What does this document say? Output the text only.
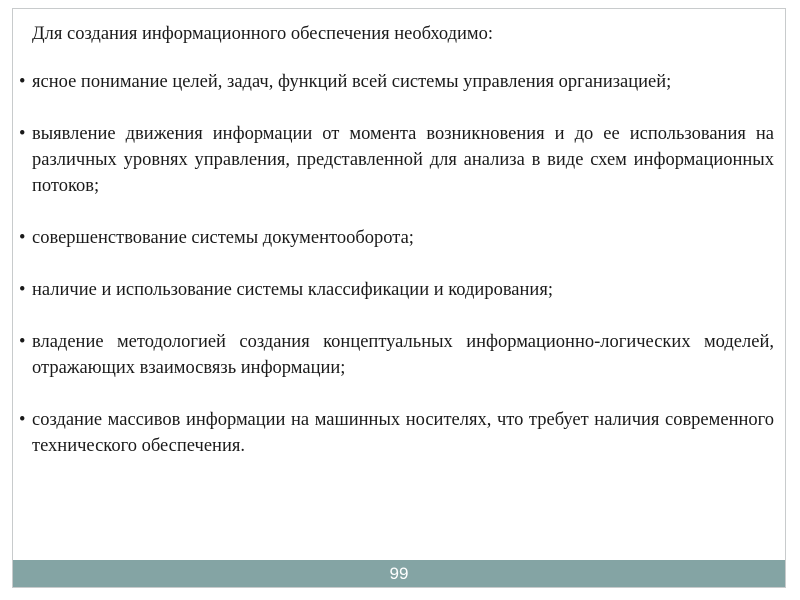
Для создания информационного обеспечения необходимо:

• ясное понимание целей, задач, функций всей системы управления организацией;
• выявление движения информации от момента возникновения и до ее использования на различных уровнях управления, представленной для анализа в виде схем информационных потоков;
• совершенствование системы документооборота;
• наличие и использование системы классификации и кодирования;
• владение методологией создания концептуальных информационно-логических моделей, отражающих взаимосвязь информации;
• создание массивов информации на машинных носителях, что требует наличия современного технического обеспечения.
99
